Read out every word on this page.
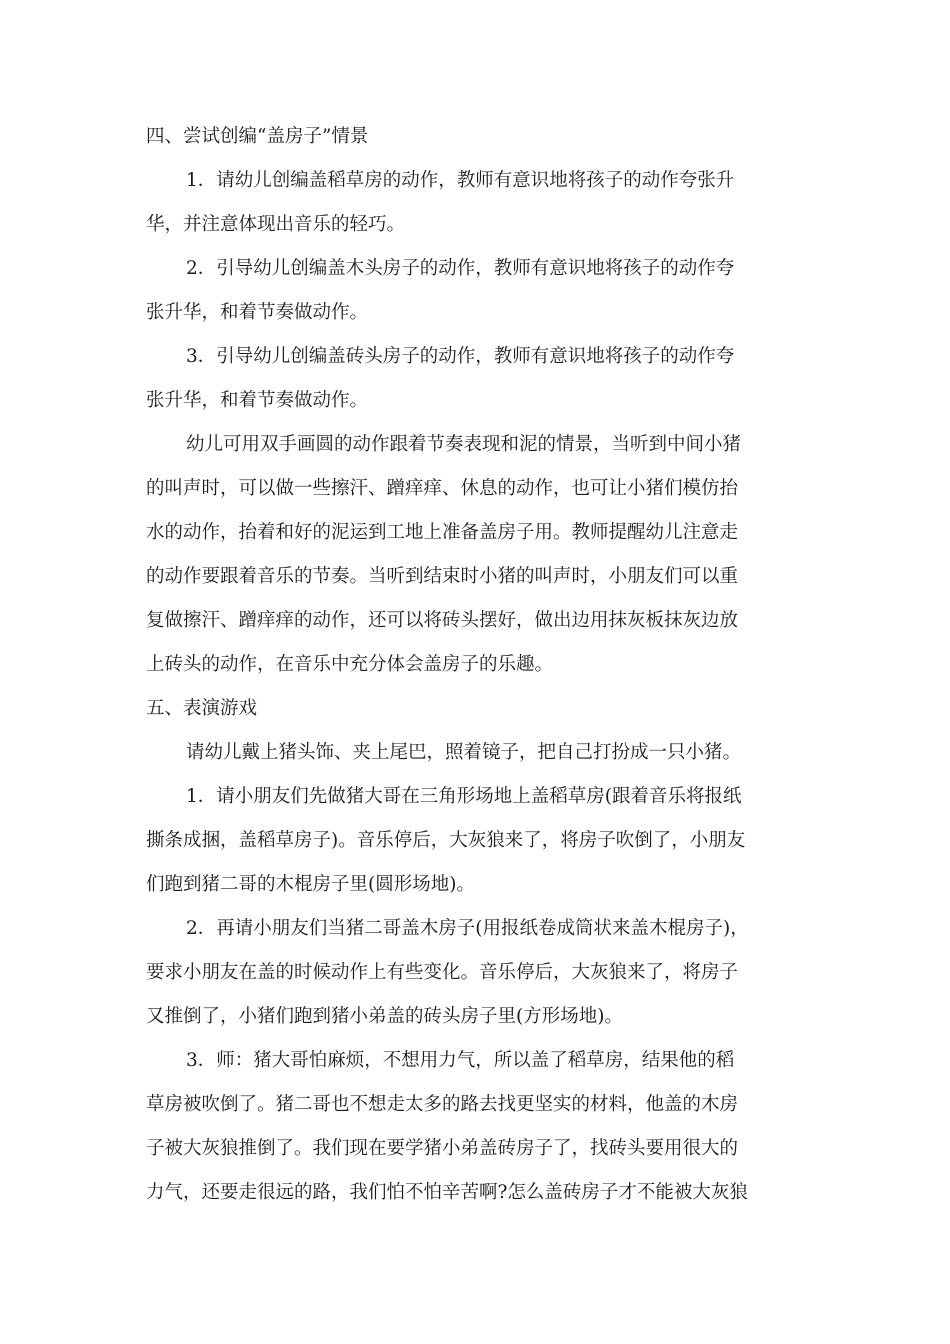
四、尝试创编“盖房子”情景
1．请幼儿创编盖稻草房的动作，教师有意识地将孩子的动作夸张升
华，并注意体现出音乐的轻巧。
2．引导幼儿创编盖木头房子的动作，教师有意识地将孩子的动作夸
张升华，和着节奏做动作。
3．引导幼儿创编盖砖头房子的动作，教师有意识地将孩子的动作夸
张升华，和着节奏做动作。
幼儿可用双手画圆的动作跟着节奏表现和泥的情景，当听到中间小猪
的叫声时，可以做一些擦汗、蹭痒痒、休息的动作，也可让小猪们模仿抬
水的动作，抬着和好的泥运到工地上准备盖房子用。教师提醒幼儿注意走
的动作要跟着音乐的节奏。当听到结束时小猪的叫声时，小朋友们可以重
复做擦汗、蹭痒痒的动作，还可以将砖头摆好，做出边用抹灰板抹灰边放
上砖头的动作，在音乐中充分体会盖房子的乐趣。
五、表演游戏
请幼儿戴上猪头饰、夹上尾巴，照着镜子，把自己打扮成一只小猪。
1．请小朋友们先做猪大哥在三角形场地上盖稻草房(跟着音乐将报纸
撕条成捆，盖稻草房子)。音乐停后，大灰狼来了，将房子吹倒了，小朋友
们跑到猪二哥的木棍房子里(圆形场地)。
2．再请小朋友们当猪二哥盖木房子(用报纸卷成筒状来盖木棍房子)，
要求小朋友在盖的时候动作上有些变化。音乐停后，大灰狼来了，将房子
又推倒了，小猪们跑到猪小弟盖的砖头房子里(方形场地)。
3．师：猪大哥怕麻烦，不想用力气，所以盖了稻草房，结果他的稻
草房被吹倒了。猪二哥也不想走太多的路去找更坚实的材料，他盖的木房
子被大灰狼推倒了。我们现在要学猪小弟盖砖房子了，找砖头要用很大的
力气，还要走很远的路，我们怕不怕辛苦啊?怎么盖砖房子才不能被大灰狼
